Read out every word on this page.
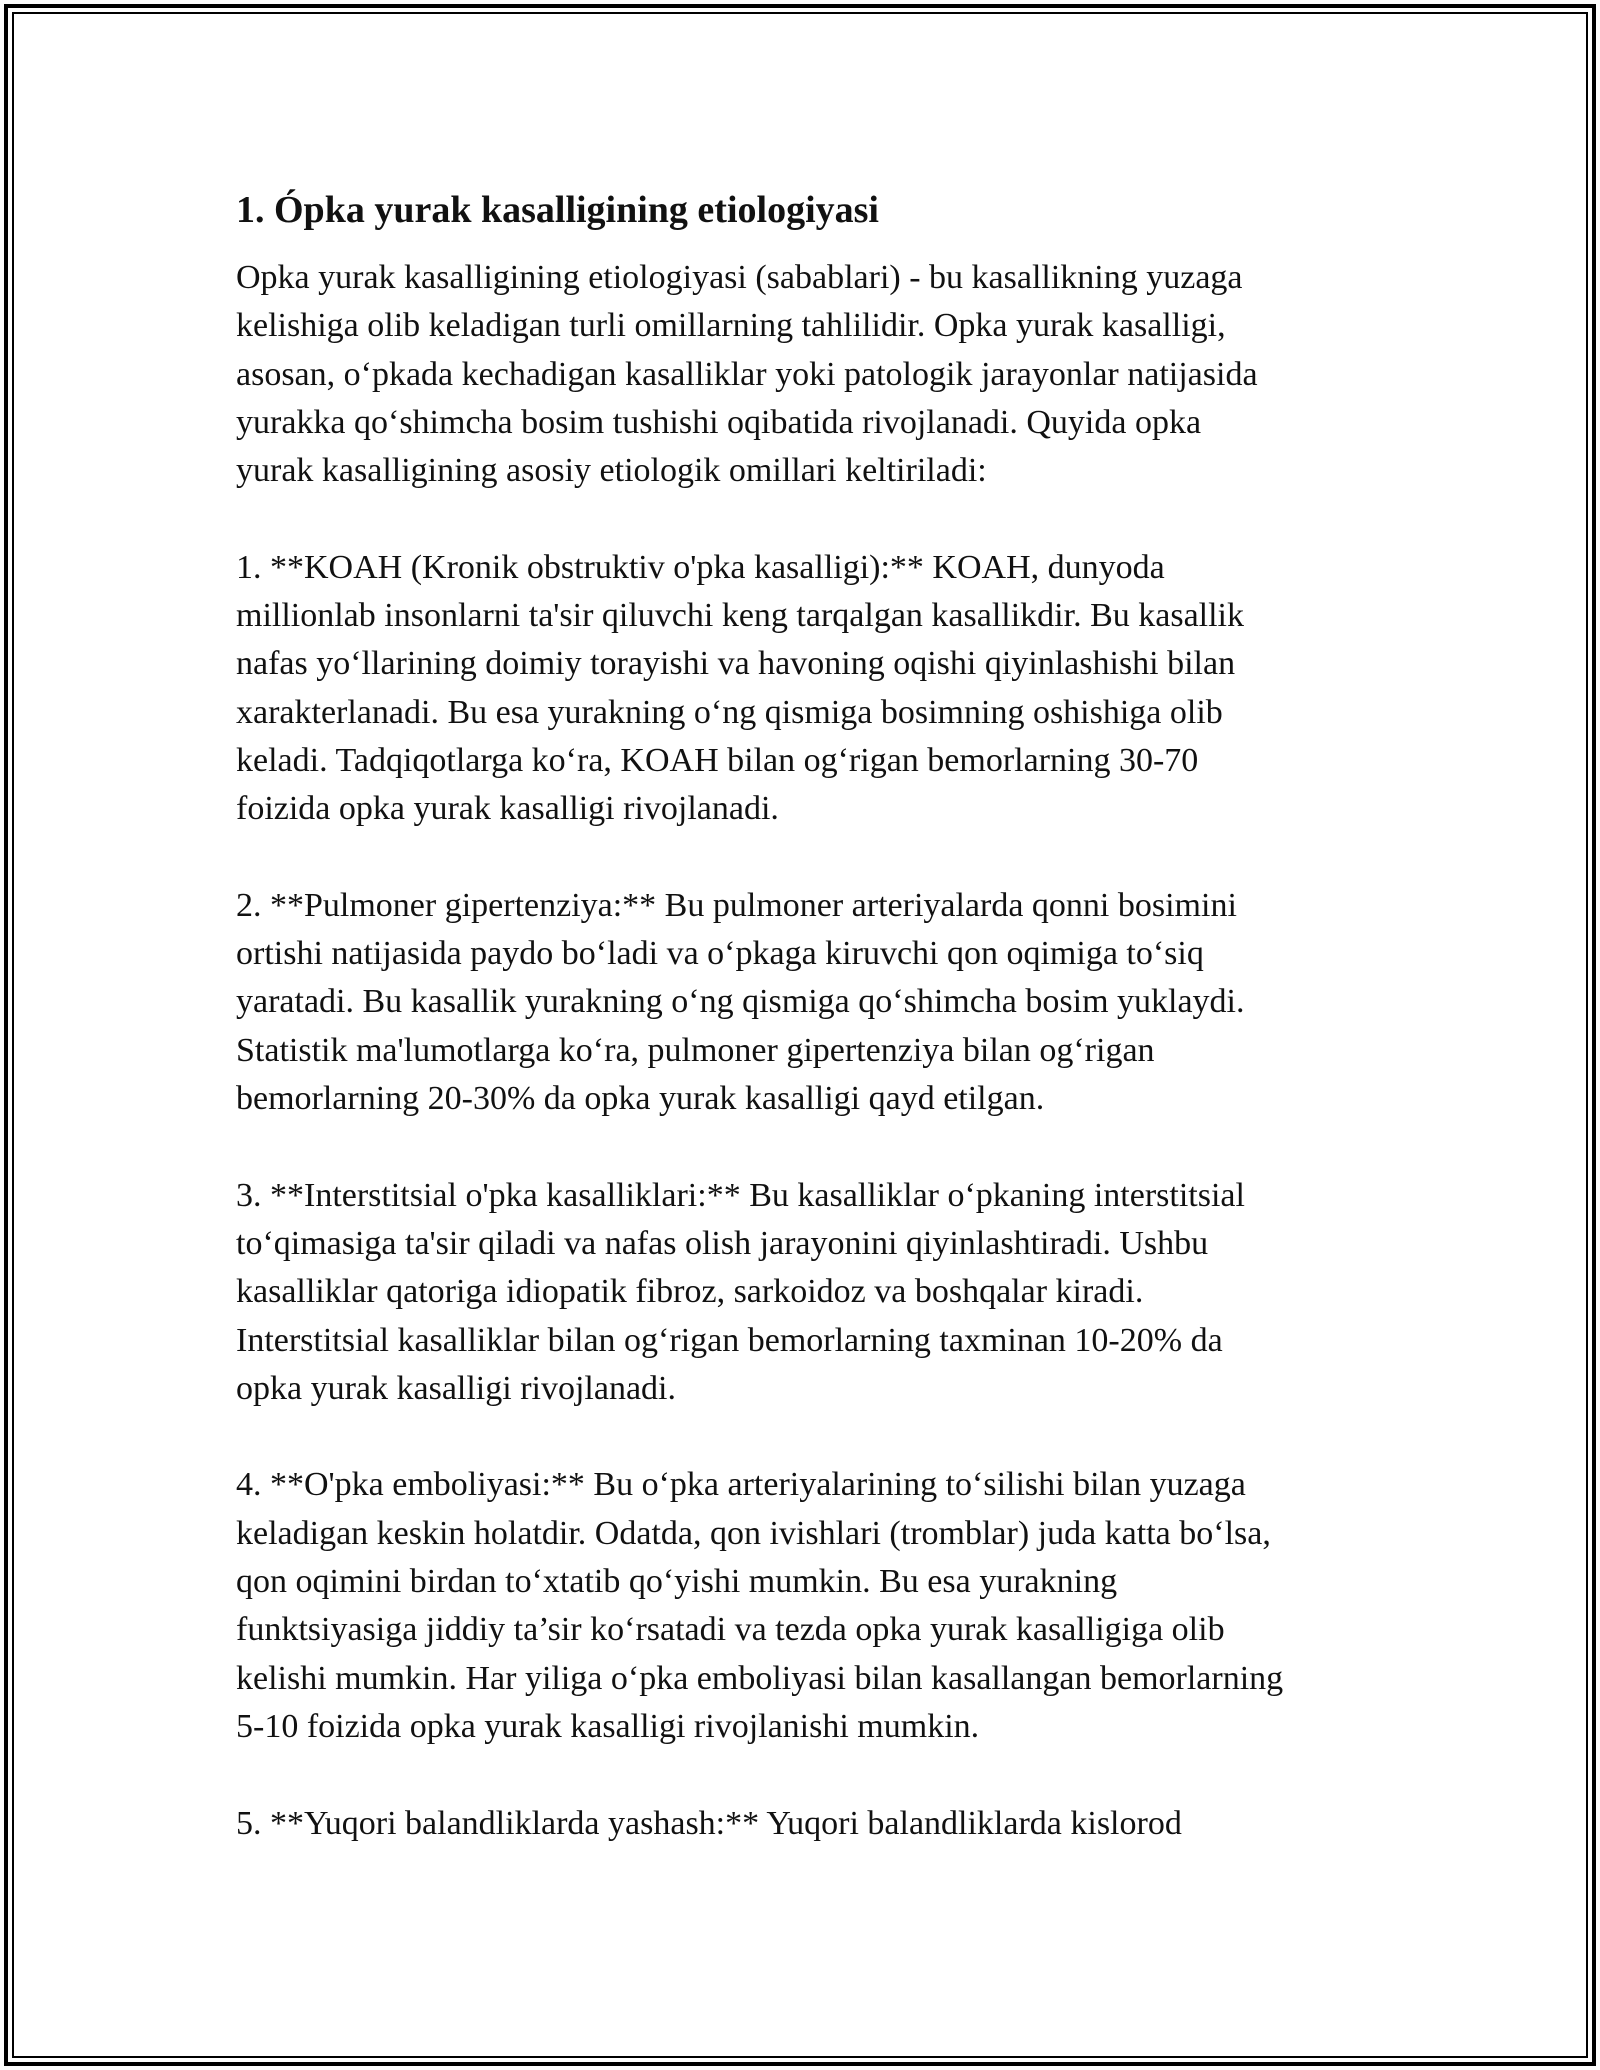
1. Ópka yurak kasalligining etiologiyasi
Opka yurak kasalligining etiologiyasi (sabablari) - bu kasallikning yuzaga
kelishiga olib keladigan turli omillarning tahlilidir. Opka yurak kasalligi,
asosan, o‘pkada kechadigan kasalliklar yoki patologik jarayonlar natijasida
yurakka qo‘shimcha bosim tushishi oqibatida rivojlanadi. Quyida opka
yurak kasalligining asosiy etiologik omillari keltiriladi:
1. **KOAH (Kronik obstruktiv o'pka kasalligi):** KOAH, dunyoda
millionlab insonlarni ta'sir qiluvchi keng tarqalgan kasallikdir. Bu kasallik
nafas yo‘llarining doimiy torayishi va havoning oqishi qiyinlashishi bilan
xarakterlanadi. Bu esa yurakning o‘ng qismiga bosimning oshishiga olib
keladi. Tadqiqotlarga ko‘ra, KOAH bilan og‘rigan bemorlarning 30-70
foizida opka yurak kasalligi rivojlanadi.
2. **Pulmoner gipertenziya:** Bu pulmoner arteriyalarda qonni bosimini
ortishi natijasida paydo bo‘ladi va o‘pkaga kiruvchi qon oqimiga to‘siq
yaratadi. Bu kasallik yurakning o‘ng qismiga qo‘shimcha bosim yuklaydi.
Statistik ma'lumotlarga ko‘ra, pulmoner gipertenziya bilan og‘rigan
bemorlarning 20-30% da opka yurak kasalligi qayd etilgan.
3. **Interstitsial o'pka kasalliklari:** Bu kasalliklar o‘pkaning interstitsial
to‘qimasiga ta'sir qiladi va nafas olish jarayonini qiyinlashtiradi. Ushbu
kasalliklar qatoriga idiopatik fibroz, sarkoidoz va boshqalar kiradi.
Interstitsial kasalliklar bilan og‘rigan bemorlarning taxminan 10-20% da
opka yurak kasalligi rivojlanadi.
4. **O'pka emboliyasi:** Bu o‘pka arteriyalarining to‘silishi bilan yuzaga
keladigan keskin holatdir. Odatda, qon ivishlari (tromblar) juda katta bo‘lsa,
qon oqimini birdan to‘xtatib qo‘yishi mumkin. Bu esa yurakning
funktsiyasiga jiddiy ta’sir ko‘rsatadi va tezda opka yurak kasalligiga olib
kelishi mumkin. Har yiliga o‘pka emboliyasi bilan kasallangan bemorlarning
5-10 foizida opka yurak kasalligi rivojlanishi mumkin.
5. **Yuqori balandliklarda yashash:** Yuqori balandliklarda kislorod
